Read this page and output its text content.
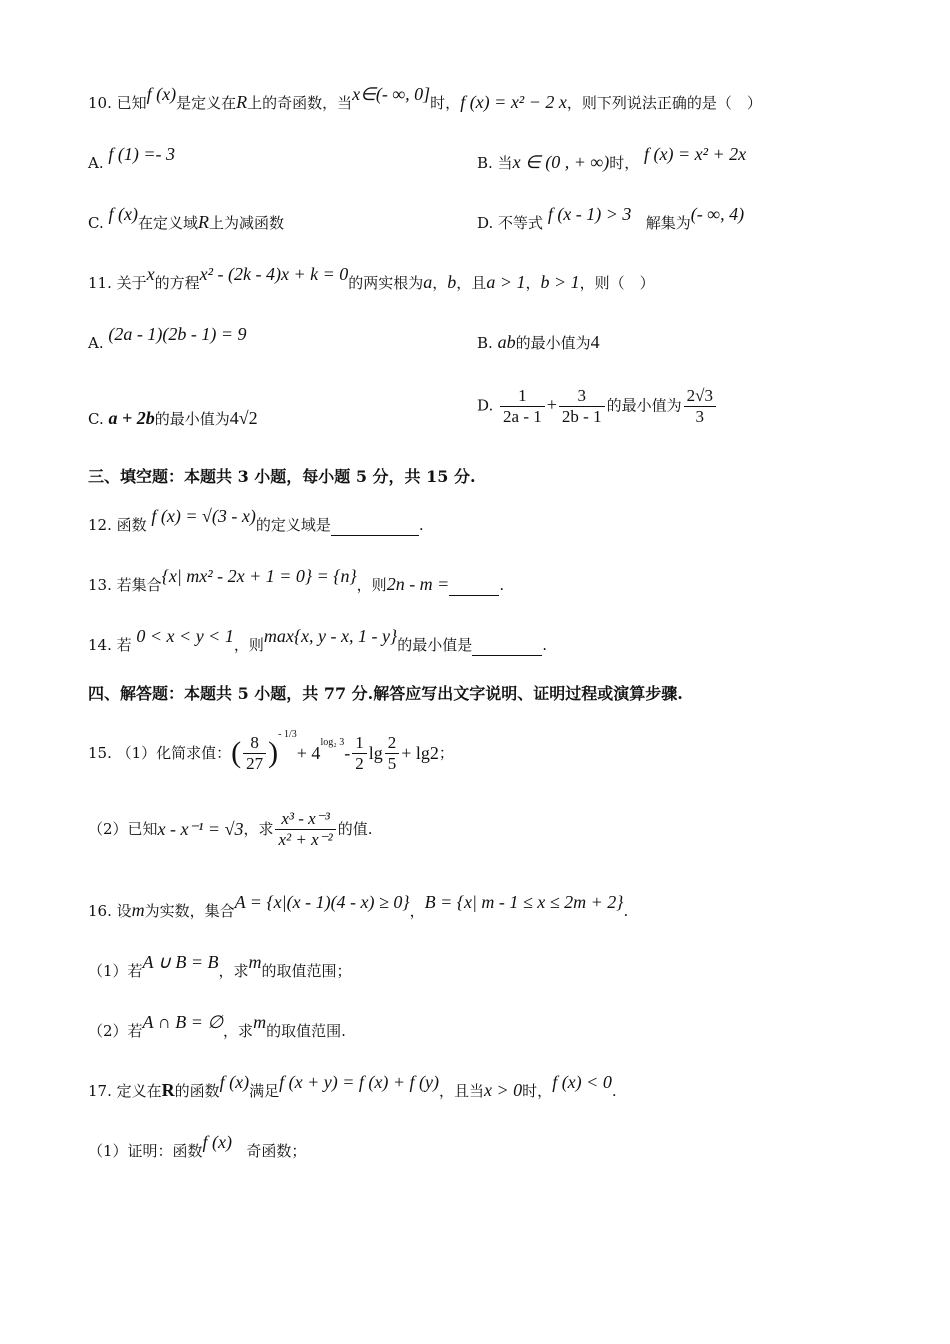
10. 已知f (x)是定义在R上的奇函数，当x∈(- ∞, 0]时，f (x) = x² − 2 x，则下列说法正确的是（　）
A. f (1) =- 3	B. 当x ∈ (0 , + ∞)时， f (x) = x² + 2x
C. f (x)在定义域R上为减函数	D. 不等式 f (x - 1) > 3 解集为(- ∞, 4)
11. 关于x的方程x² - (2k - 4)x + k = 0的两实根为a，b，且a > 1，b > 1，则（　）
A. (2a - 1)(2b - 1) = 9	B. ab的最小值为4
C. a + 2b的最小值为4√2
D. $\frac{1}{2a - 1} + \frac{3}{2b - 1}$ 的最小值为 $\frac{2√3}{3}$
三、填空题：本题共 3 小题，每小题 5 分，共 15 分.
12. 函数 f (x) = √(3 - x)的定义域是	.
13. 若集合{x| mx² - 2x + 1 = 0} = {n}，则2n - m =	.
14. 若 0 < x < y < 1，则max{x, y - x, 1 - y}的最小值是	.
四、解答题：本题共 5 小题，共 77 分.解答应写出文字说明、证明过程或演算步骤.
15. （1）化简求值： ( $\frac{8}{27}$ )
$^{- 1/3}$
+ 4
$^{log_2 3}$
- $\frac{1}{2}$ $\lg \frac{2}{5} + \lg 2$ ；
（2）已知 x - x⁻¹ = √3 ，求 $\frac{\text{x³ - x⁻³}}{\text{x² + x⁻²}}$ 的值.
16. 设m为实数，集合A = {x|(x - 1)(4 - x) ≥ 0}，B = {x| m - 1 ≤ x ≤ 2m + 2}.
（1）若A ∪ B = B，求m的取值范围；
（2）若A ∩ B = ∅，求m的取值范围.
17. 定义在R的函数f (x)满足f (x + y) = f (x) + f (y)，且当x > 0时，f (x) < 0.
（1）证明：函数f (x) 奇函数；
